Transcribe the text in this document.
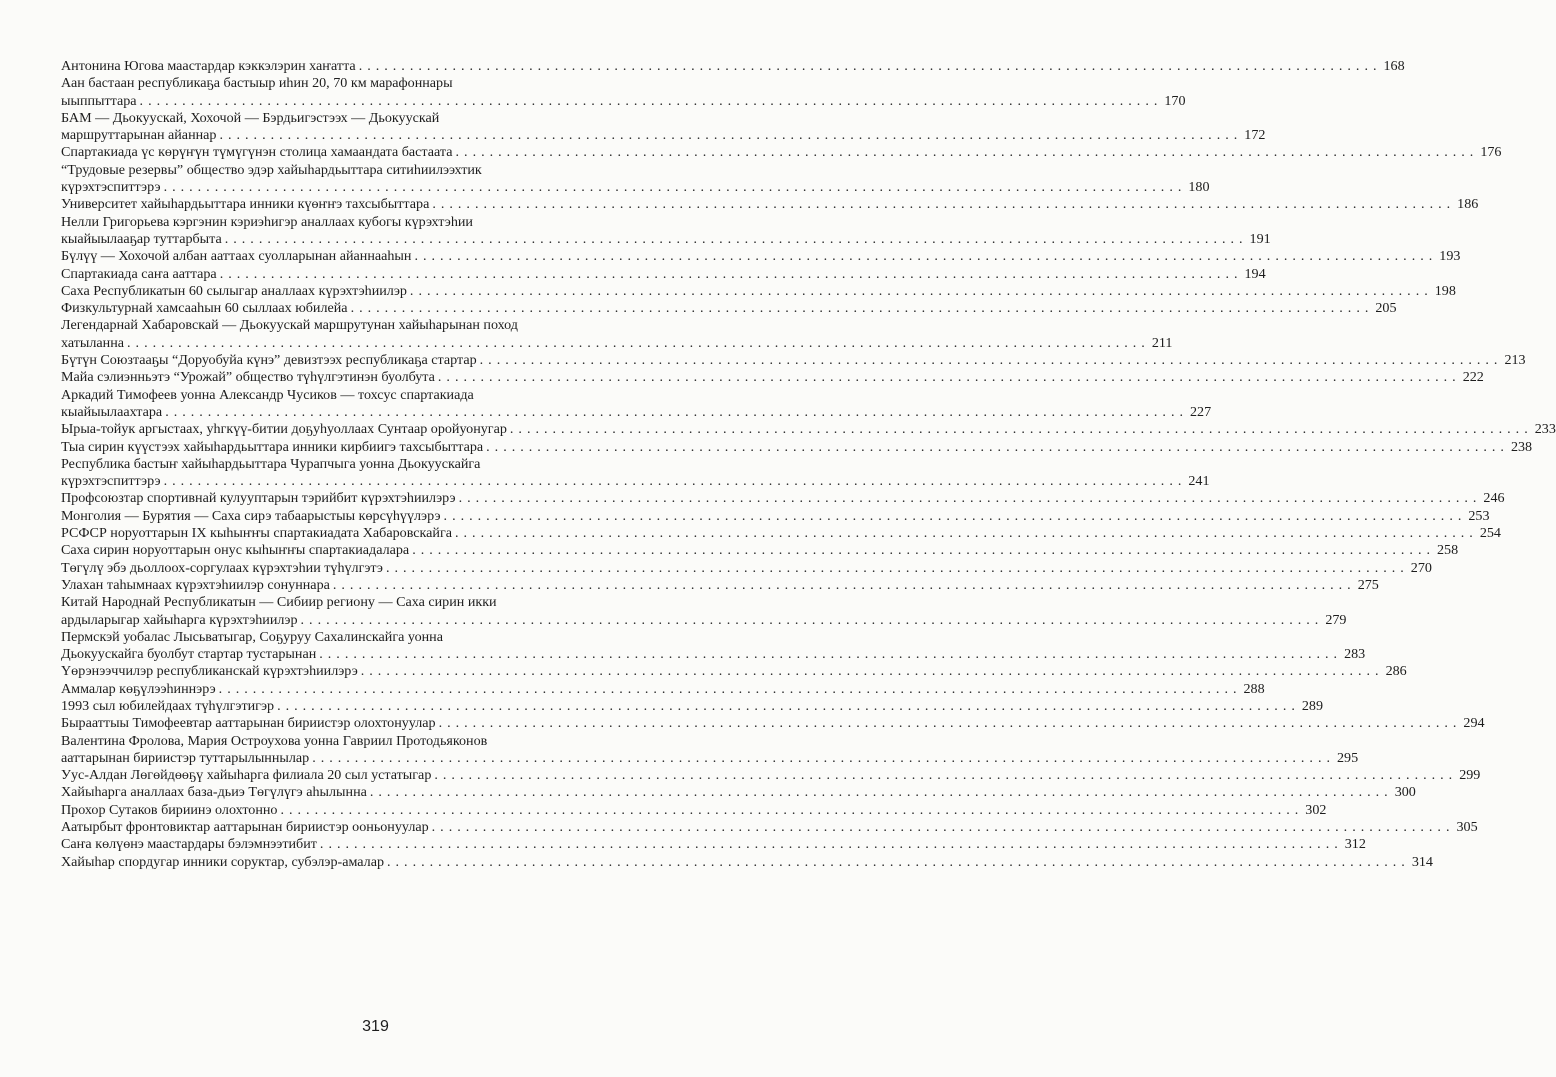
Антонина Югова маастардар кэккэлэрин хаҥатта ........................................................................................................................ 168
Аан бастаан республикаҕа бастыыр иһин 20, 70 км марафоннары
ыыппыттара ........................................................................................................................ 170
БАМ — Дьокуускай, Хохочой — Бэрдьигэстээх — Дьокуускай
маршруттарынан айаннар ........................................................................................................................ 172
Спартакиада үс көрүҥүн түмүгүнэн столица хамаандата бастаата ........................................................................................................................ 176
“Трудовые резервы” общество эдэр хайыһардьыттара ситиһиилээхтик
күрэхтэспиттэрэ ........................................................................................................................ 180
Университет хайыһардьыттара инники күөҥҥэ тахсыбыттара ........................................................................................................................ 186
Нелли Григорьева кэргэнин кэриэһигэр аналлаах кубогы күрэхтэһии
кыайыылааҕар туттарбыта ........................................................................................................................ 191
Бүлүү — Хохочой албан ааттаах суолларынан айаннааһын ........................................................................................................................ 193
Спартакиада саҥа ааттара ........................................................................................................................ 194
Саха Республикатын 60 сылыгар аналлаах күрэхтэһиилэр ........................................................................................................................ 198
Физкультурнай хамсааһын 60 сыллаах юбилейа ........................................................................................................................ 205
Легендарнай Хабаровскай — Дьокуускай маршрутунан хайыһарынан поход
хатыланна ........................................................................................................................ 211
Бүтүн Союзтааҕы “Доруобуйа күнэ” девизтээх республикаҕа стартар ........................................................................................................................ 213
Майа сэлиэнньэтэ “Урожай” общество түһүлгэтинэн буолбута ........................................................................................................................ 222
Аркадий Тимофеев уонна Александр Чусиков — тохсус спартакиада
кыайыылаахтара ........................................................................................................................ 227
Ырыа-тойук аргыстаах, уһгкүү-битии доҕуһуоллаах Сунтаар оройуонугар ........................................................................................................................ 233
Тыа сирин күүстээх хайыһардьыттара инники кирбиигэ тахсыбыттара ........................................................................................................................ 238
Республика бастыҥ хайыһардьыттара Чурапчыга уонна Дьокуускайга
күрэхтэспиттэрэ ........................................................................................................................ 241
Профсоюзтар спортивнай кулууптарын тэрийбит күрэхтэһиилэрэ ........................................................................................................................ 246
Монголия — Бурятия — Саха сирэ табаарыстыы көрсүһүүлэрэ ........................................................................................................................ 253
РСФСР норуоттарын IX кыһыҥҥы спартакиадата Хабаровскайга ........................................................................................................................ 254
Саха сирин норуоттарын онус кыһыҥҥы спартакиадалара ........................................................................................................................ 258
Төгүлү эбэ дьоллоох-соргулаах күрэхтэһии түһүлгэтэ ........................................................................................................................ 270
Улахан таһымнаах күрэхтэһиилэр сонуннара ........................................................................................................................ 275
Китай Народнай Республикатын — Сибиир региону — Саха сирин икки
ардыларыгар хайыһарга күрэхтэһиилэр ........................................................................................................................ 279
Пермскэй уобалас Лысьватыгар, Соҕуруу Сахалинскайга уонна
Дьокуускайга буолбут стартар тустарынан ........................................................................................................................ 283
Үөрэнээччилэр республиканскай күрэхтэһиилэрэ ........................................................................................................................ 286
Аммалар көҕүлээһиннэрэ ........................................................................................................................ 288
1993 сыл юбилейдаах түһүлгэтигэр ........................................................................................................................ 289
Бырааттыы Тимофеевтар ааттарынан бириистэр олохтонуулар ........................................................................................................................ 294
Валентина Фролова, Мария Остроухова уонна Гавриил Протодьяконов
ааттарынан бириистэр туттарылыннылар ........................................................................................................................ 295
Уус-Алдан Лөгөйдөөҕү хайыһарга филиала 20 сыл устатыгар ........................................................................................................................ 299
Хайыһарга аналлаах база-дьиэ Төгүлүгэ аһылынна ........................................................................................................................ 300
Прохор Сутаков бириинэ олохтонно ........................................................................................................................ 302
Аатырбыт фронтовиктар ааттарынан бириистэр ооньонуулар ........................................................................................................................ 305
Саҥа көлүөнэ маастардары бэлэмнээтибит ........................................................................................................................ 312
Хайыһар спордугар инники соруктар, субэлэр-амалар ........................................................................................................................ 314
319
